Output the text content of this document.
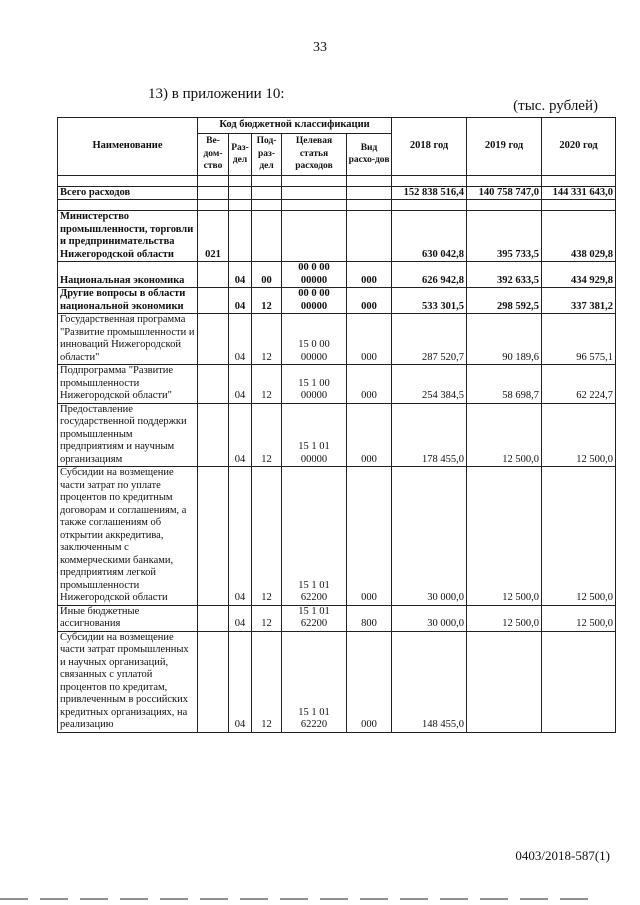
33
13) в приложении 10:
(тыс. рублей)
Наименование	Код бюджетной классификации					2018 год	2019 год	2020 год
	Ве-дом-ство	Раз-дел	Под-раз-дел	Целевая статья расходов	Вид расхо-дов			

Всего расходов						152 838 516,4	140 758 747,0	144 331 643,0

Министерство промышленности, торговли и предпринимательства Нижегородской области	021					630 042,8	395 733,5	438 029,8
Национальная экономика		04	00	00 0 00 00000	000	626 942,8	392 633,5	434 929,8
Другие вопросы в области национальной экономики		04	12	00 0 00 00000	000	533 301,5	298 592,5	337 381,2
Государственная программа "Развитие промышленности и инноваций Нижегородской области"		04	12	15 0 00 00000	000	287 520,7	90 189,6	96 575,1
Подпрограмма "Развитие промышленности Нижегородской области"		04	12	15 1 00 00000	000	254 384,5	58 698,7	62 224,7
Предоставление государственной поддержки промышленным предприятиям и научным организациям		04	12	15 1 01 00000	000	178 455,0	12 500,0	12 500,0
Субсидии на возмещение части затрат по уплате процентов по кредитным договорам и соглашениям, а также соглашениям об открытии аккредитива, заключенным с коммерческими банками, предприятиям легкой промышленности Нижегородской области		04	12	15 1 01 62200	000	30 000,0	12 500,0	12 500,0
Иные бюджетные ассигнования		04	12	15 1 01 62200	800	30 000,0	12 500,0	12 500,0
Субсидии на возмещение части затрат промышленных и научных организаций, связанных с уплатой процентов по кредитам, привлеченным в российских кредитных организациях, на реализацию		04	12	15 1 01 62220	000	148 455,0		
0403/2018-587(1)
